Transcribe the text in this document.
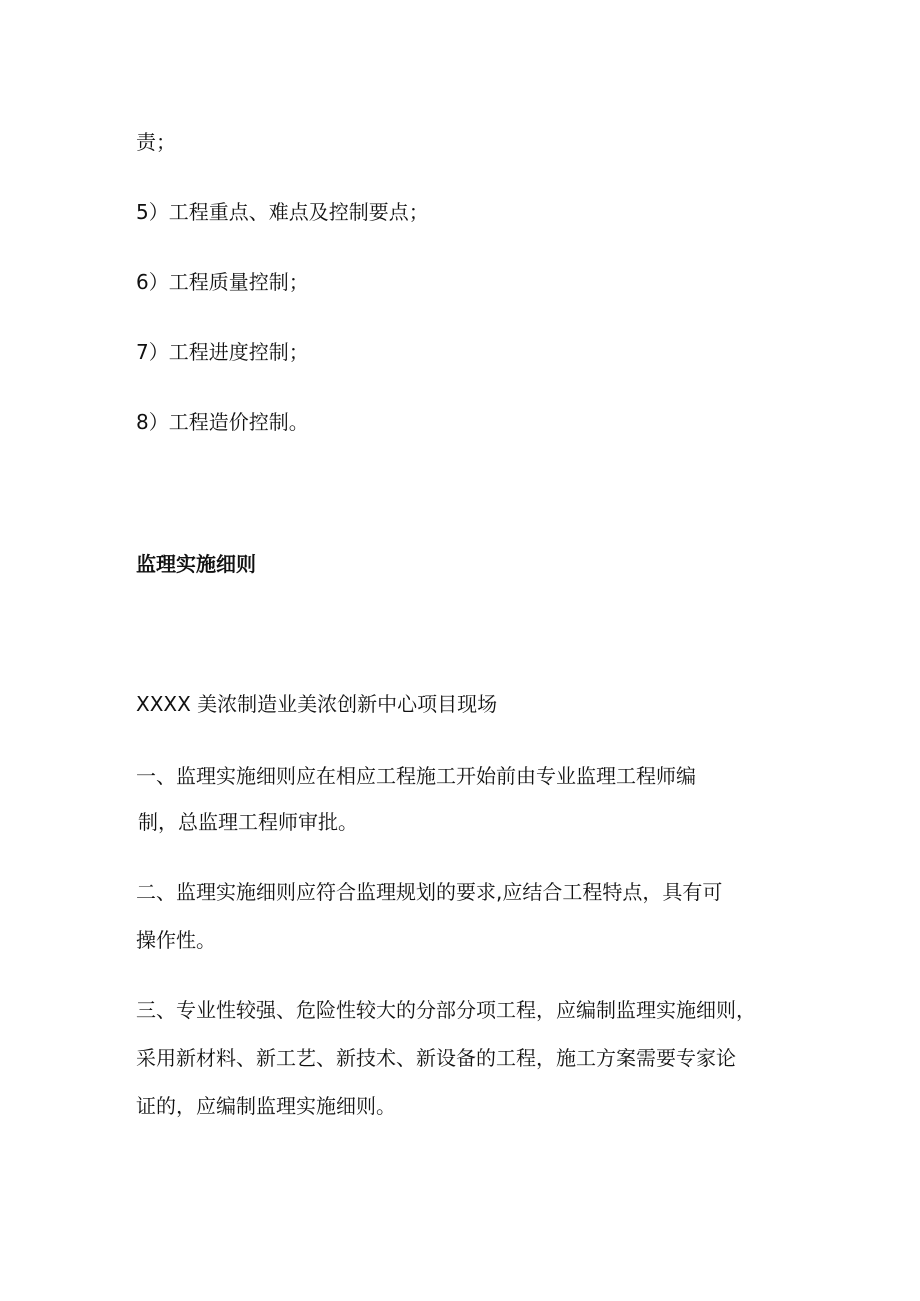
责；

5）工程重点、难点及控制要点；

6）工程质量控制；

7）工程进度控制；

8）工程造价控制。

监理实施细则

XXXX 美浓制造业美浓创新中心项目现场

一、监理实施细则应在相应工程施工开始前由专业监理工程师编

制，总监理工程师审批。

二、监理实施细则应符合监理规划的要求,应结合工程特点，具有可

操作性。

三、专业性较强、危险性较大的分部分项工程，应编制监理实施细则，

采用新材料、新工艺、新技术、新设备的工程，施工方案需要专家论

证的，应编制监理实施细则。
